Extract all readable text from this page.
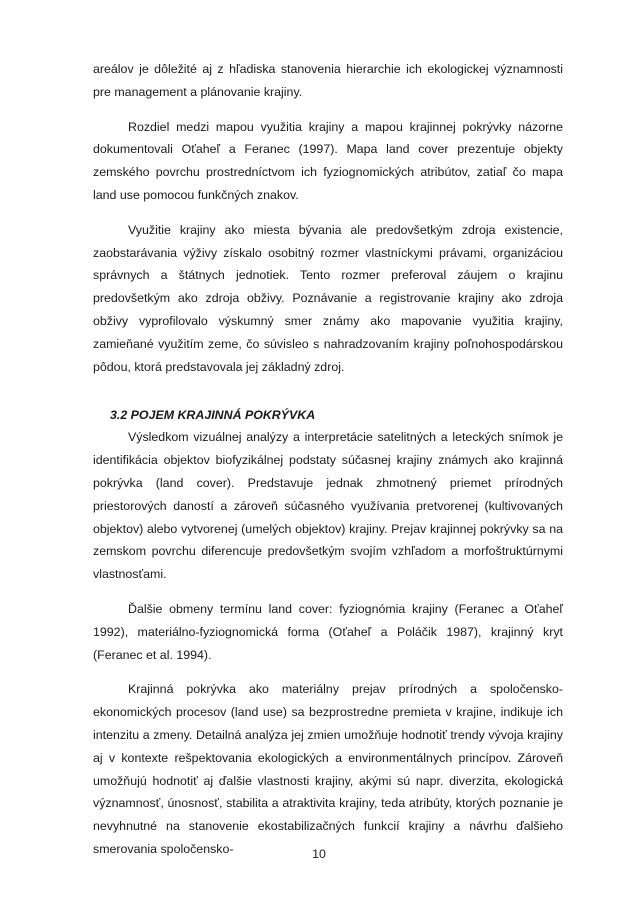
areálov je dôležité aj z hľadiska stanovenia hierarchie ich ekologickej významnosti pre management a plánovanie krajiny.

Rozdiel medzi mapou využitia krajiny a mapou krajinnej pokrývky názorne dokumentovali Oťaheľ a Feranec (1997). Mapa land cover prezentuje objekty zemského povrchu prostredníctvom ich fyziognomických atribútov, zatiaľ čo mapa land use pomocou funkčných znakov.

Využitie krajiny ako miesta bývania ale predovšetkým zdroja existencie, zaobstarávania výživy získalo osobitný rozmer vlastníckymi právami, organizáciou správnych a štátnych jednotiek. Tento rozmer preferoval záujem o krajinu predovšetkým ako zdroja obživy. Poznávanie a registrovanie krajiny ako zdroja obživy vyprofilovalo výskumný smer známy ako mapovanie využitia krajiny, zamieňané využitím zeme, čo súvisleo s nahradzovaním krajiny poľnohospodárskou pôdou, ktorá predstavovala jej základný zdroj.

3.2 POJEM KRAJINNÁ POKRÝVKA

Výsledkom vizuálnej analýzy a interpretácie satelitných a leteckých snímok je identifikácia objektov biofyzikálnej podstaty súčasnej krajiny známych ako krajinná pokrývka (land cover). Predstavuje jednak zhmotnený priemet prírodných priestorových daností a zároveň súčasného využívania pretvorenej (kultivovaných objektov) alebo vytvorenej (umelých objektov) krajiny. Prejav krajinnej pokrývky sa na zemskom povrchu diferencuje predovšetkým svojím vzhľadom a morfoštruktúrnymi vlastnosťami.

Ďalšie obmeny termínu land cover: fyziognómia krajiny (Feranec a Oťaheľ 1992), materiálno-fyziognomická forma (Oťaheľ a Poláčik 1987), krajinný kryt (Feranec et al. 1994).

Krajinná pokrývka ako materiálny prejav prírodných a spoločensko-ekonomických procesov (land use) sa bezprostredne premieta v krajine, indikuje ich intenzitu a zmeny. Detailná analýza jej zmien umožňuje hodnotiť trendy vývoja krajiny aj v kontexte rešpektovania ekologických a environmentálnych princípov. Zároveň umožňujú hodnotiť aj ďalšie vlastnosti krajiny, akými sú napr. diverzita, ekologická významnosť, únosnosť, stabilita a atraktivita krajiny, teda atribúty, ktorých poznanie je nevyhnutné na stanovenie ekostabilizačných funkcií krajiny a návrhu ďalšieho smerovania spoločensko-	10
